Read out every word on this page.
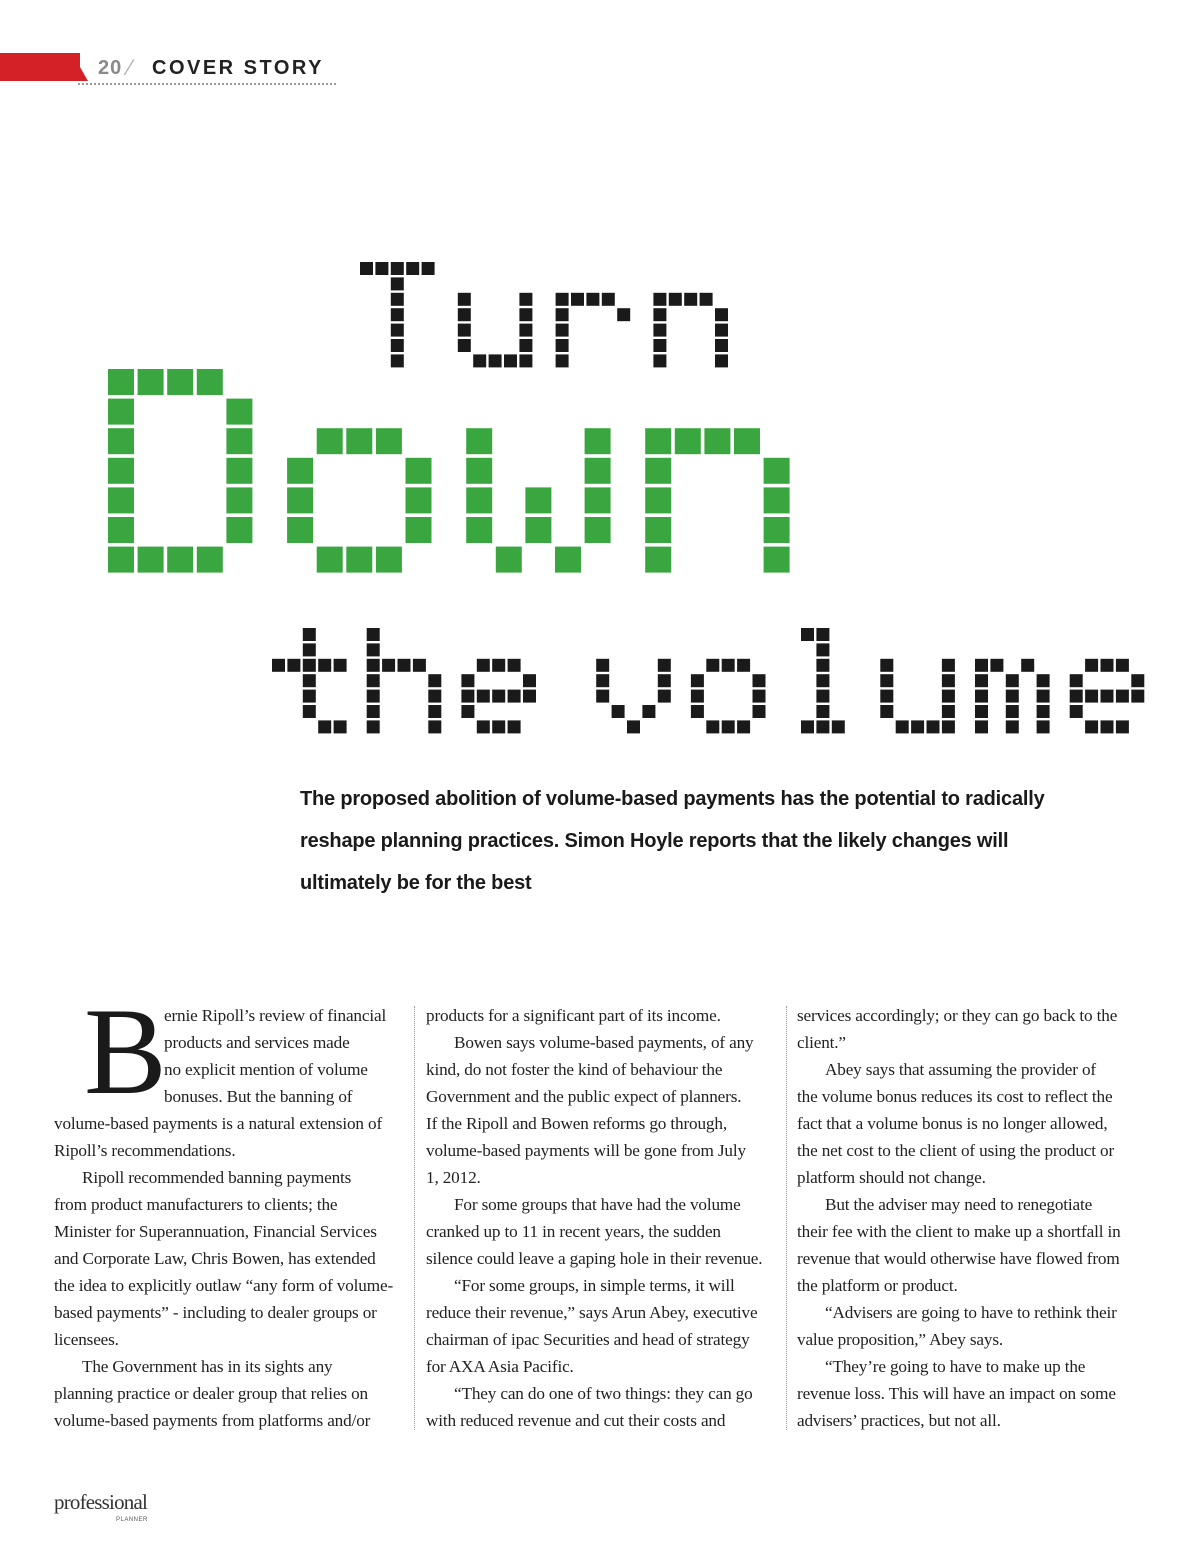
20 ⁄ COVER STORY
The proposed abolition of volume-based payments has the potential to radically
reshape planning practices. Simon Hoyle reports that the likely changes will
ultimately be for the best
B
ernie Ripoll’s review of financial
products and services made
no explicit mention of volume
bonuses. But the banning of
volume-based payments is a natural extension of
Ripoll’s recommendations.
Ripoll recommended banning payments
from product manufacturers to clients; the
Minister for Superannuation, Financial Services
and Corporate Law, Chris Bowen, has extended
the idea to explicitly outlaw “any form of volume-
based payments” - including to dealer groups or
licensees.
The Government has in its sights any
planning practice or dealer group that relies on
volume-based payments from platforms and/or
products for a significant part of its income.
Bowen says volume-based payments, of any
kind, do not foster the kind of behaviour the
Government and the public expect of planners.
If the Ripoll and Bowen reforms go through,
volume-based payments will be gone from July
1, 2012.
For some groups that have had the volume
cranked up to 11 in recent years, the sudden
silence could leave a gaping hole in their revenue.
“For some groups, in simple terms, it will
reduce their revenue,” says Arun Abey, executive
chairman of ipac Securities and head of strategy
for AXA Asia Pacific.
“They can do one of two things: they can go
with reduced revenue and cut their costs and
services accordingly; or they can go back to the
client.”
Abey says that assuming the provider of
the volume bonus reduces its cost to reflect the
fact that a volume bonus is no longer allowed,
the net cost to the client of using the product or
platform should not change.
But the adviser may need to renegotiate
their fee with the client to make up a shortfall in
revenue that would otherwise have flowed from
the platform or product.
“Advisers are going to have to rethink their
value proposition,” Abey says.
“They’re going to have to make up the
revenue loss. This will have an impact on some
advisers’ practices, but not all.
professional
PLANNER
